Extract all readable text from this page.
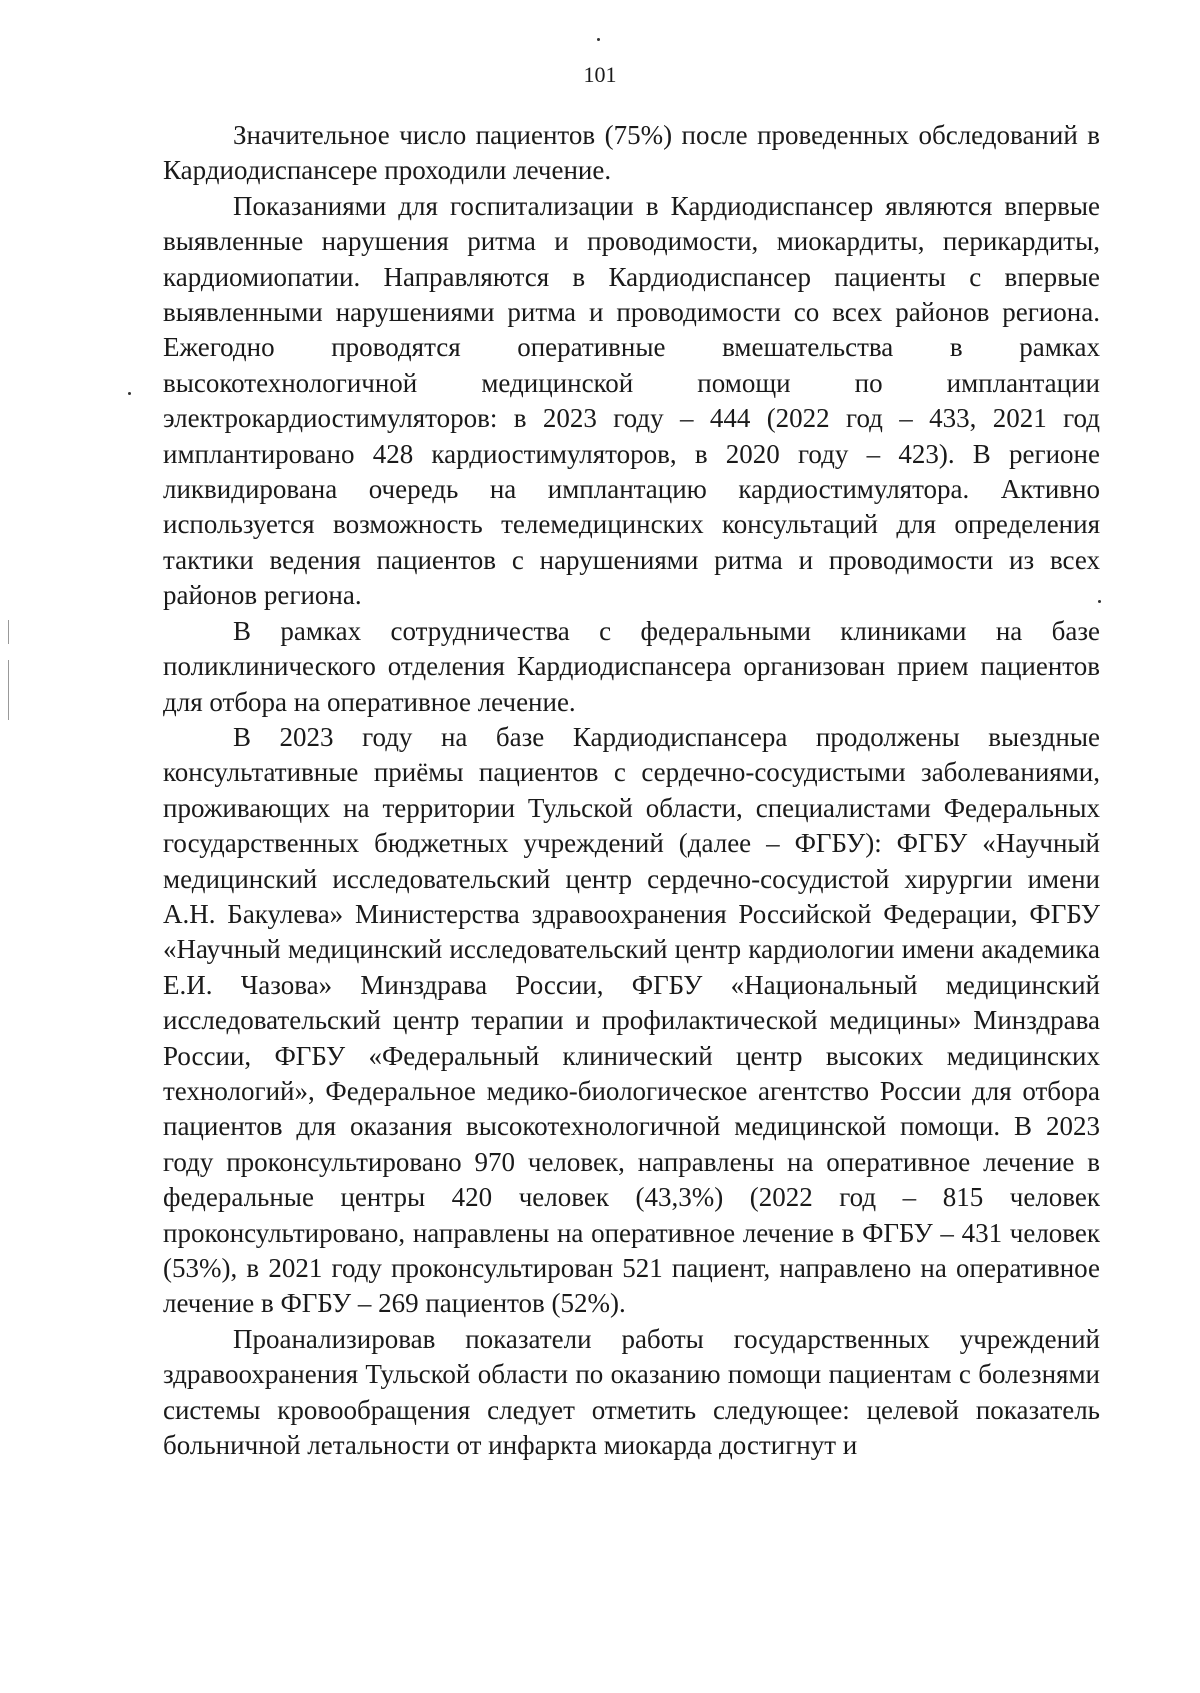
101

Значительное число пациентов (75%) после проведенных обследований в Кардиодиспансере проходили лечение.

Показаниями для госпитализации в Кардиодиспансер являются впервые выявленные нарушения ритма и проводимости, миокардиты, перикардиты, кардиомиопатии. Направляются в Кардиодиспансер пациенты с впервые выявленными нарушениями ритма и проводимости со всех районов региона. Ежегодно проводятся оперативные вмешательства в рамках высокотехнологичной медицинской помощи по имплантации электрокардиостимуляторов: в 2023 году – 444 (2022 год – 433, 2021 год имплантировано 428 кардиостимуляторов, в 2020 году – 423). В регионе ликвидирована очередь на имплантацию кардиостимулятора. Активно используется возможность телемедицинских консультаций для определения тактики ведения пациентов с нарушениями ритма и проводимости из всех районов региона.

В рамках сотрудничества с федеральными клиниками на базе поликлинического отделения Кардиодиспансера организован прием пациентов для отбора на оперативное лечение.

В 2023 году на базе Кардиодиспансера продолжены выездные консультативные приёмы пациентов с сердечно-сосудистыми заболеваниями, проживающих на территории Тульской области, специалистами Федеральных государственных бюджетных учреждений (далее – ФГБУ): ФГБУ «Научный медицинский исследовательский центр сердечно-сосудистой хирургии имени А.Н. Бакулева» Министерства здравоохранения Российской Федерации, ФГБУ «Научный медицинский исследовательский центр кардиологии имени академика Е.И. Чазова» Минздрава России, ФГБУ «Национальный медицинский исследовательский центр терапии и профилактической медицины» Минздрава России, ФГБУ «Федеральный клинический центр высоких медицинских технологий», Федеральное медико-биологическое агентство России для отбора пациентов для оказания высокотехнологичной медицинской помощи. В 2023 году проконсультировано 970 человек, направлены на оперативное лечение в федеральные центры 420 человек (43,3%) (2022 год – 815 человек проконсультировано, направлены на оперативное лечение в ФГБУ – 431 человек (53%), в 2021 году проконсультирован 521 пациент, направлено на оперативное лечение в ФГБУ – 269 пациентов (52%).

Проанализировав показатели работы государственных учреждений здравоохранения Тульской области по оказанию помощи пациентам с болезнями системы кровообращения следует отметить следующее: целевой показатель больничной летальности от инфаркта миокарда достигнут и
